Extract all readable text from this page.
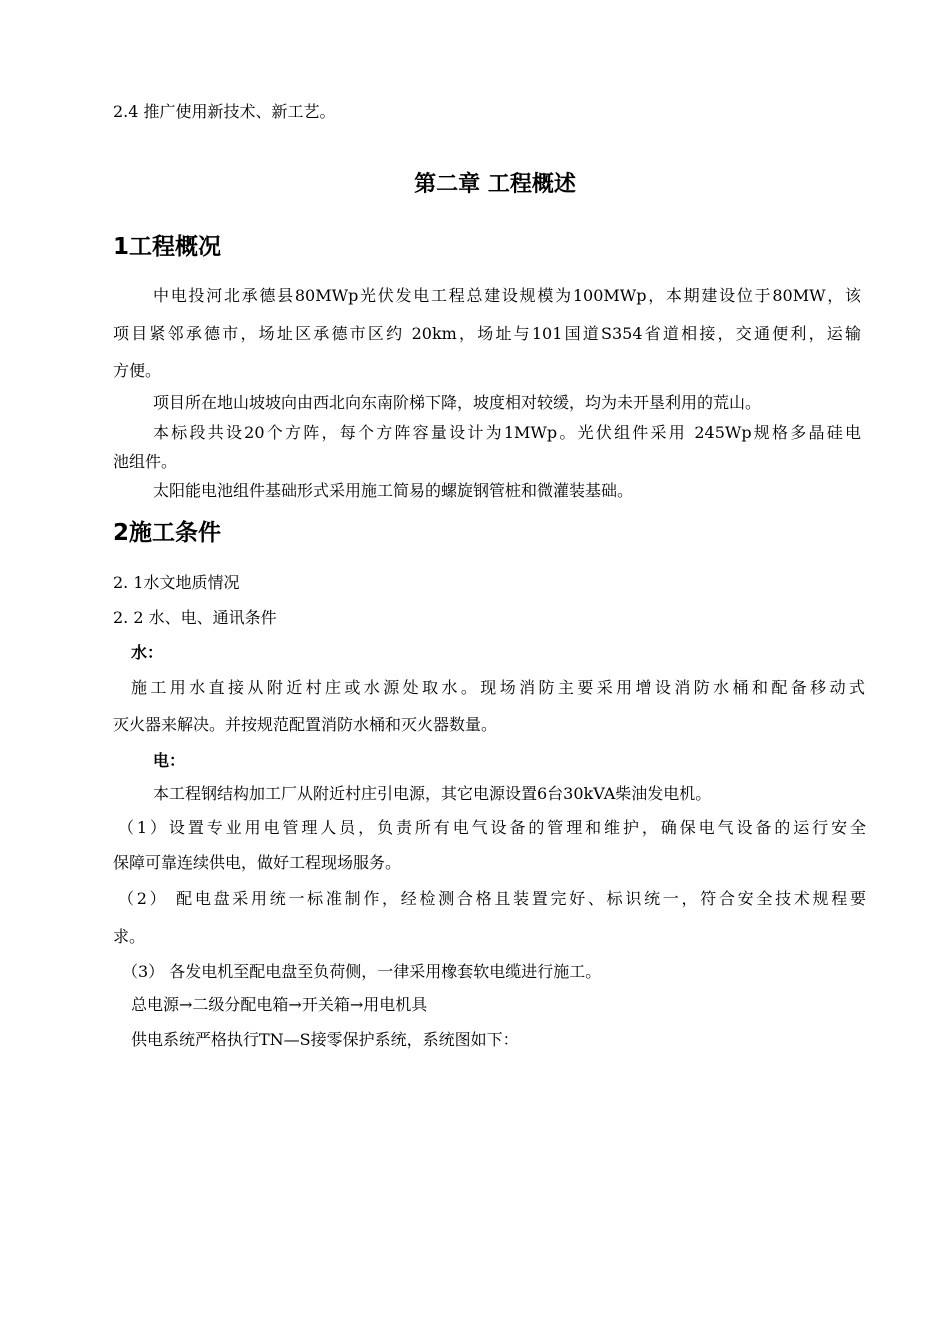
2.4 推广使用新技术、新工艺。
第二章 工程概述
1工程概况
中电投河北承德县80MWp光伏发电工程总建设规模为100MWp，本期建设位于80MW，该
项目紧邻承德市，场址区承德市区约 20km，场址与101国道S354省道相接，交通便利，运输
方便。
项目所在地山坡坡向由西北向东南阶梯下降，坡度相对较缓，均为未开垦利用的荒山。
本标段共设20个方阵，每个方阵容量设计为1MWp。光伏组件采用 245Wp规格多晶硅电
池组件。
太阳能电池组件基础形式采用施工简易的螺旋钢管桩和微灌装基础。
2施工条件
2. 1水文地质情况
2. 2 水、电、通讯条件
水：
施工用水直接从附近村庄或水源处取水。现场消防主要采用增设消防水桶和配备移动式
灭火器来解决。并按规范配置消防水桶和灭火器数量。
电：
本工程钢结构加工厂从附近村庄引电源，其它电源设置6台30kVA柴油发电机。
（1）设置专业用电管理人员，负责所有电气设备的管理和维护，确保电气设备的运行安全
保障可靠连续供电，做好工程现场服务。
（2） 配电盘采用统一标准制作，经检测合格且装置完好、标识统一，符合安全技术规程要
求。
（3） 各发电机至配电盘至负荷侧，一律采用橡套软电缆进行施工。
总电源→二级分配电箱→开关箱→用电机具
供电系统严格执行TN—S接零保护系统，系统图如下：
